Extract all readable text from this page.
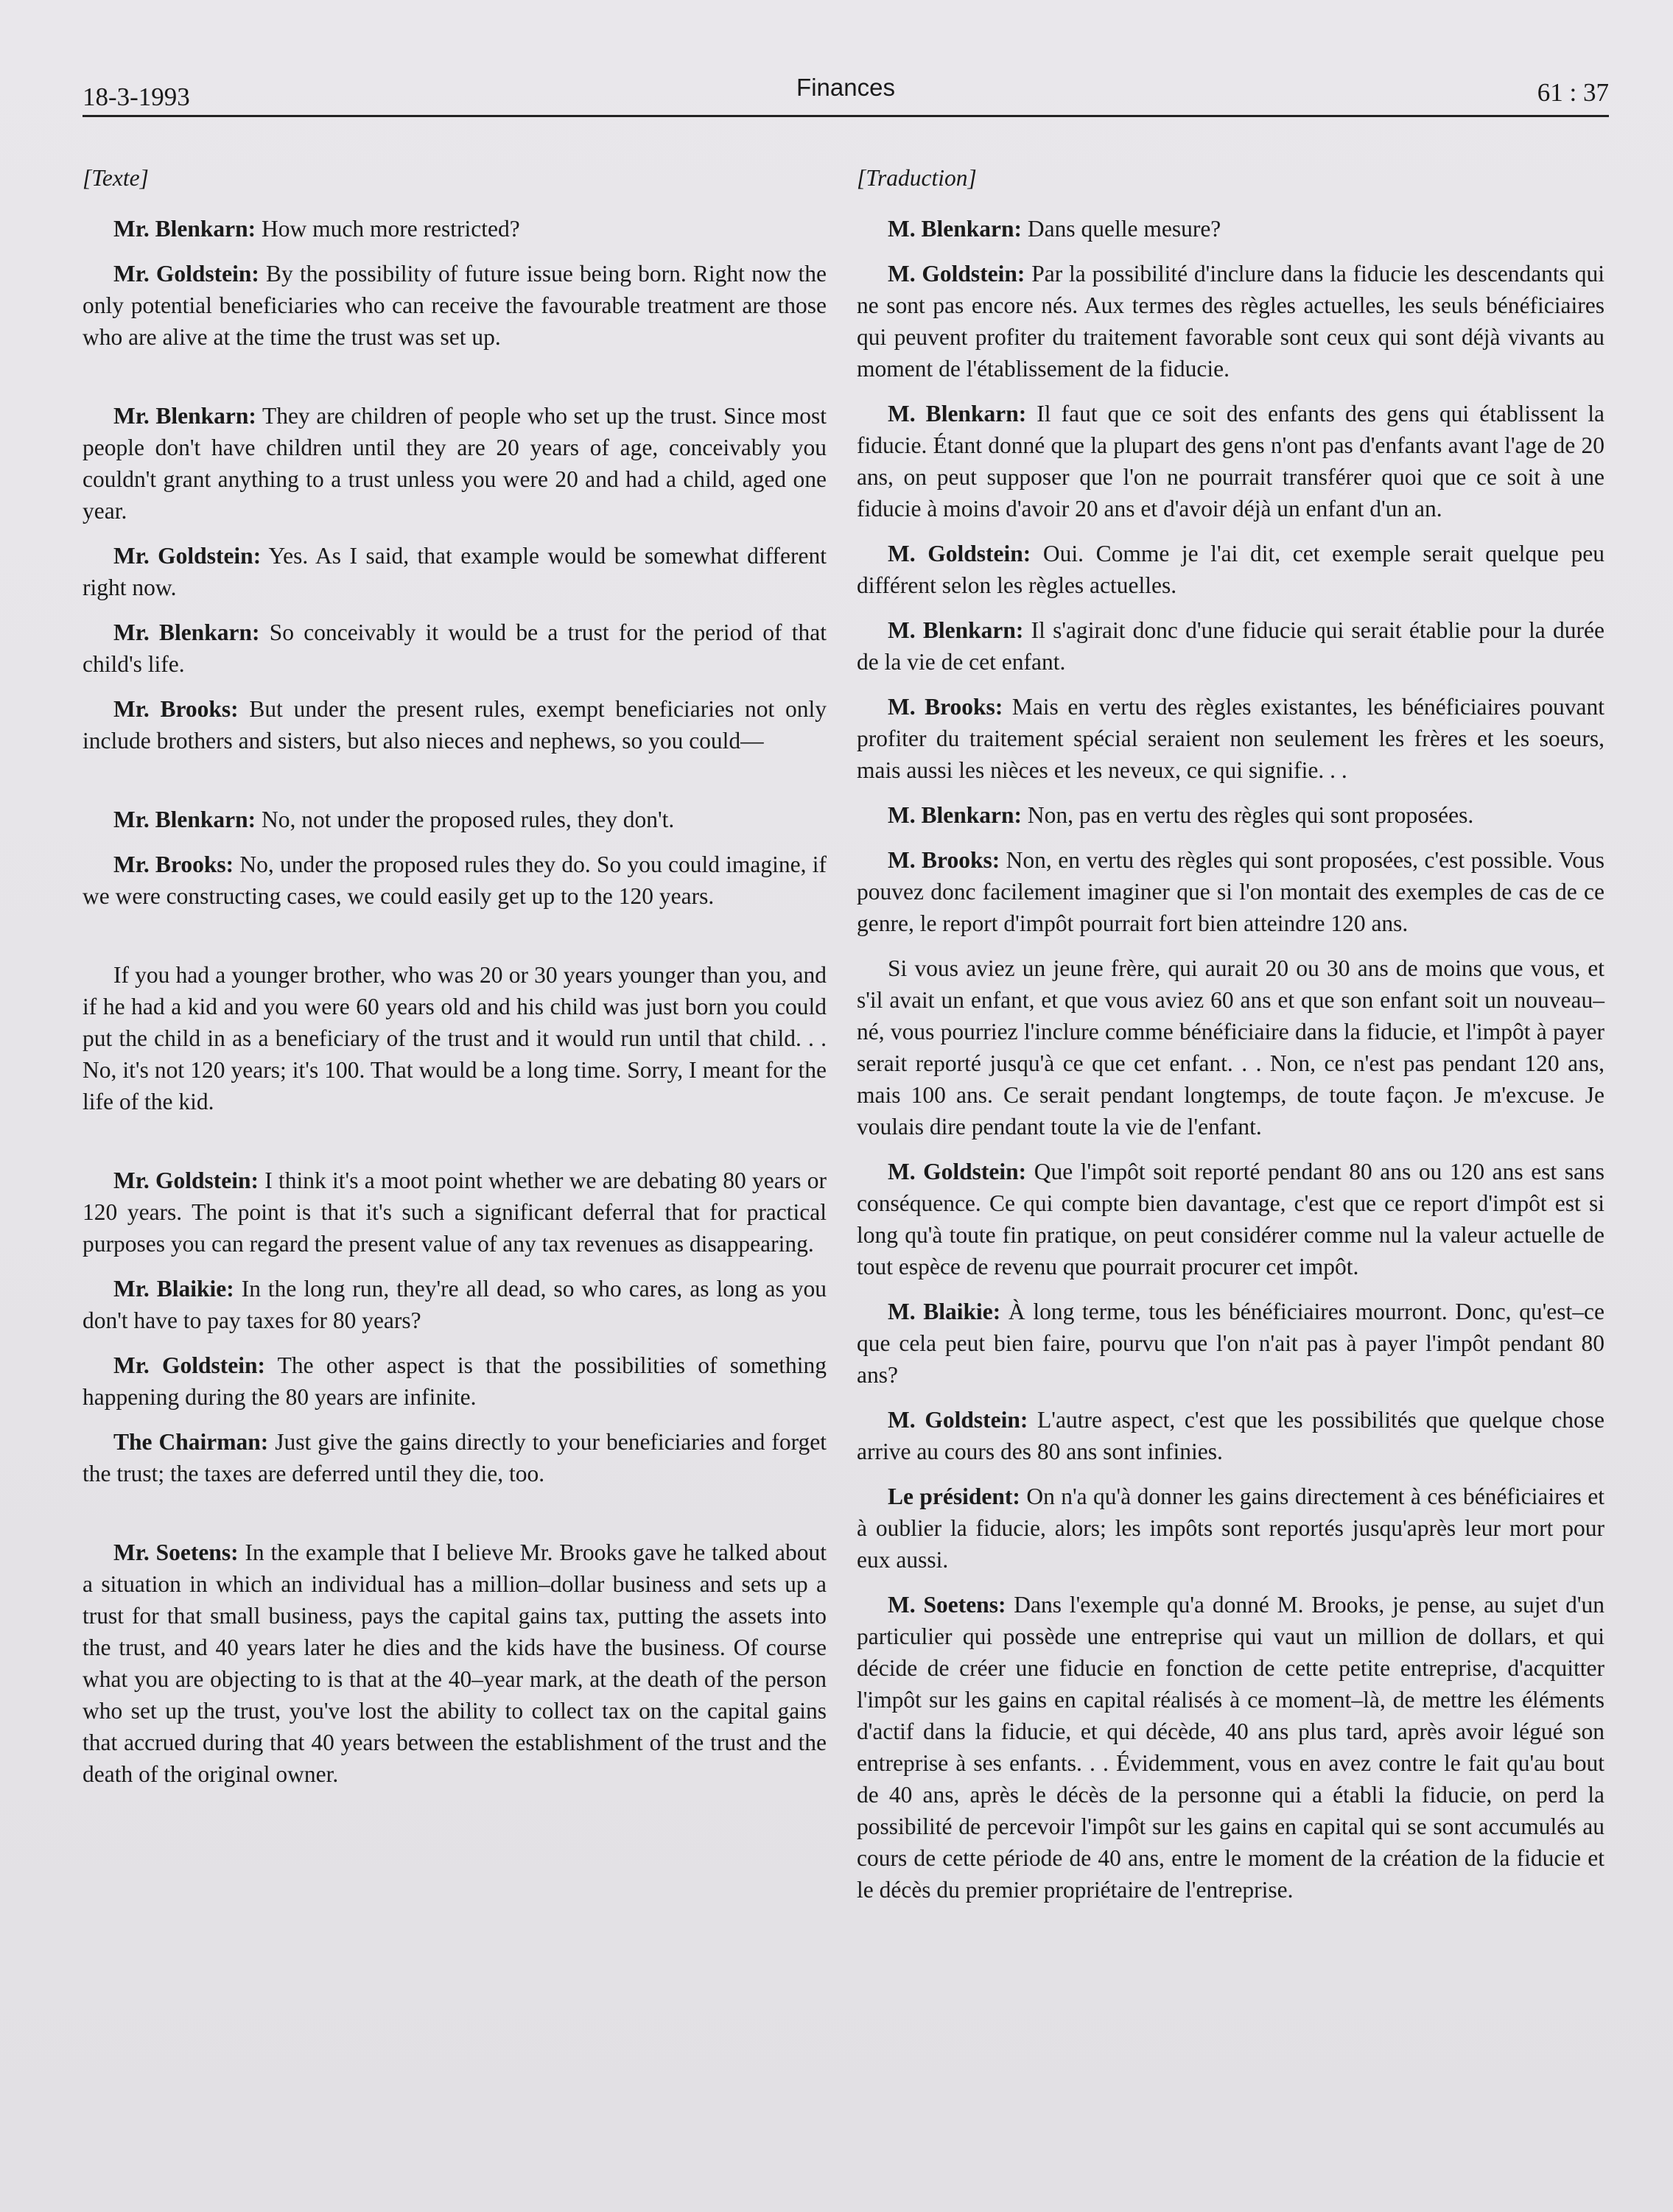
18-3-1993	Finances	61 : 37
[Texte]

Mr. Blenkarn: How much more restricted?

Mr. Goldstein: By the possibility of future issue being born. Right now the only potential beneficiaries who can receive the favourable treatment are those who are alive at the time the trust was set up.

Mr. Blenkarn: They are children of people who set up the trust. Since most people don't have children until they are 20 years of age, conceivably you couldn't grant anything to a trust unless you were 20 and had a child, aged one year.

Mr. Goldstein: Yes. As I said, that example would be somewhat different right now.

Mr. Blenkarn: So conceivably it would be a trust for the period of that child's life.

Mr. Brooks: But under the present rules, exempt beneficiaries not only include brothers and sisters, but also nieces and nephews, so you could—

Mr. Blenkarn: No, not under the proposed rules, they don't.

Mr. Brooks: No, under the proposed rules they do. So you could imagine, if we were constructing cases, we could easily get up to the 120 years.

If you had a younger brother, who was 20 or 30 years younger than you, and if he had a kid and you were 60 years old and his child was just born you could put the child in as a beneficiary of the trust and it would run until that child. . . No, it's not 120 years; it's 100. That would be a long time. Sorry, I meant for the life of the kid.

Mr. Goldstein: I think it's a moot point whether we are debating 80 years or 120 years. The point is that it's such a significant deferral that for practical purposes you can regard the present value of any tax revenues as disappearing.

Mr. Blaikie: In the long run, they're all dead, so who cares, as long as you don't have to pay taxes for 80 years?

Mr. Goldstein: The other aspect is that the possibilities of something happening during the 80 years are infinite.

The Chairman: Just give the gains directly to your beneficiaries and forget the trust; the taxes are deferred until they die, too.

Mr. Soetens: In the example that I believe Mr. Brooks gave he talked about a situation in which an individual has a million–dollar business and sets up a trust for that small business, pays the capital gains tax, putting the assets into the trust, and 40 years later he dies and the kids have the business. Of course what you are objecting to is that at the 40–year mark, at the death of the person who set up the trust, you've lost the ability to collect tax on the capital gains that accrued during that 40 years between the establishment of the trust and the death of the original owner.

[Traduction]

M. Blenkarn: Dans quelle mesure?

M. Goldstein: Par la possibilité d'inclure dans la fiducie les descendants qui ne sont pas encore nés. Aux termes des règles actuelles, les seuls bénéficiaires qui peuvent profiter du traitement favorable sont ceux qui sont déjà vivants au moment de l'établissement de la fiducie.

M. Blenkarn: Il faut que ce soit des enfants des gens qui établissent la fiducie. Étant donné que la plupart des gens n'ont pas d'enfants avant l'age de 20 ans, on peut supposer que l'on ne pourrait transférer quoi que ce soit à une fiducie à moins d'avoir 20 ans et d'avoir déjà un enfant d'un an.

M. Goldstein: Oui. Comme je l'ai dit, cet exemple serait quelque peu différent selon les règles actuelles.

M. Blenkarn: Il s'agirait donc d'une fiducie qui serait établie pour la durée de la vie de cet enfant.

M. Brooks: Mais en vertu des règles existantes, les bénéficiaires pouvant profiter du traitement spécial seraient non seulement les frères et les soeurs, mais aussi les nièces et les neveux, ce qui signifie. . .

M. Blenkarn: Non, pas en vertu des règles qui sont proposées.

M. Brooks: Non, en vertu des règles qui sont proposées, c'est possible. Vous pouvez donc facilement imaginer que si l'on montait des exemples de cas de ce genre, le report d'impôt pourrait fort bien atteindre 120 ans.

Si vous aviez un jeune frère, qui aurait 20 ou 30 ans de moins que vous, et s'il avait un enfant, et que vous aviez 60 ans et que son enfant soit un nouveau–né, vous pourriez l'inclure comme bénéficiaire dans la fiducie, et l'impôt à payer serait reporté jusqu'à ce que cet enfant. . . Non, ce n'est pas pendant 120 ans, mais 100 ans. Ce serait pendant longtemps, de toute façon. Je m'excuse. Je voulais dire pendant toute la vie de l'enfant.

M. Goldstein: Que l'impôt soit reporté pendant 80 ans ou 120 ans est sans conséquence. Ce qui compte bien davantage, c'est que ce report d'impôt est si long qu'à toute fin pratique, on peut considérer comme nul la valeur actuelle de tout espèce de revenu que pourrait procurer cet impôt.

M. Blaikie: À long terme, tous les bénéficiaires mourront. Donc, qu'est–ce que cela peut bien faire, pourvu que l'on n'ait pas à payer l'impôt pendant 80 ans?

M. Goldstein: L'autre aspect, c'est que les possibilités que quelque chose arrive au cours des 80 ans sont infinies.

Le président: On n'a qu'à donner les gains directement à ces bénéficiaires et à oublier la fiducie, alors; les impôts sont reportés jusqu'après leur mort pour eux aussi.

M. Soetens: Dans l'exemple qu'a donné M. Brooks, je pense, au sujet d'un particulier qui possède une entreprise qui vaut un million de dollars, et qui décide de créer une fiducie en fonction de cette petite entreprise, d'acquitter l'impôt sur les gains en capital réalisés à ce moment–là, de mettre les éléments d'actif dans la fiducie, et qui décède, 40 ans plus tard, après avoir légué son entreprise à ses enfants. . . Évidemment, vous en avez contre le fait qu'au bout de 40 ans, après le décès de la personne qui a établi la fiducie, on perd la possibilité de percevoir l'impôt sur les gains en capital qui se sont accumulés au cours de cette période de 40 ans, entre le moment de la création de la fiducie et le décès du premier propriétaire de l'entreprise.
